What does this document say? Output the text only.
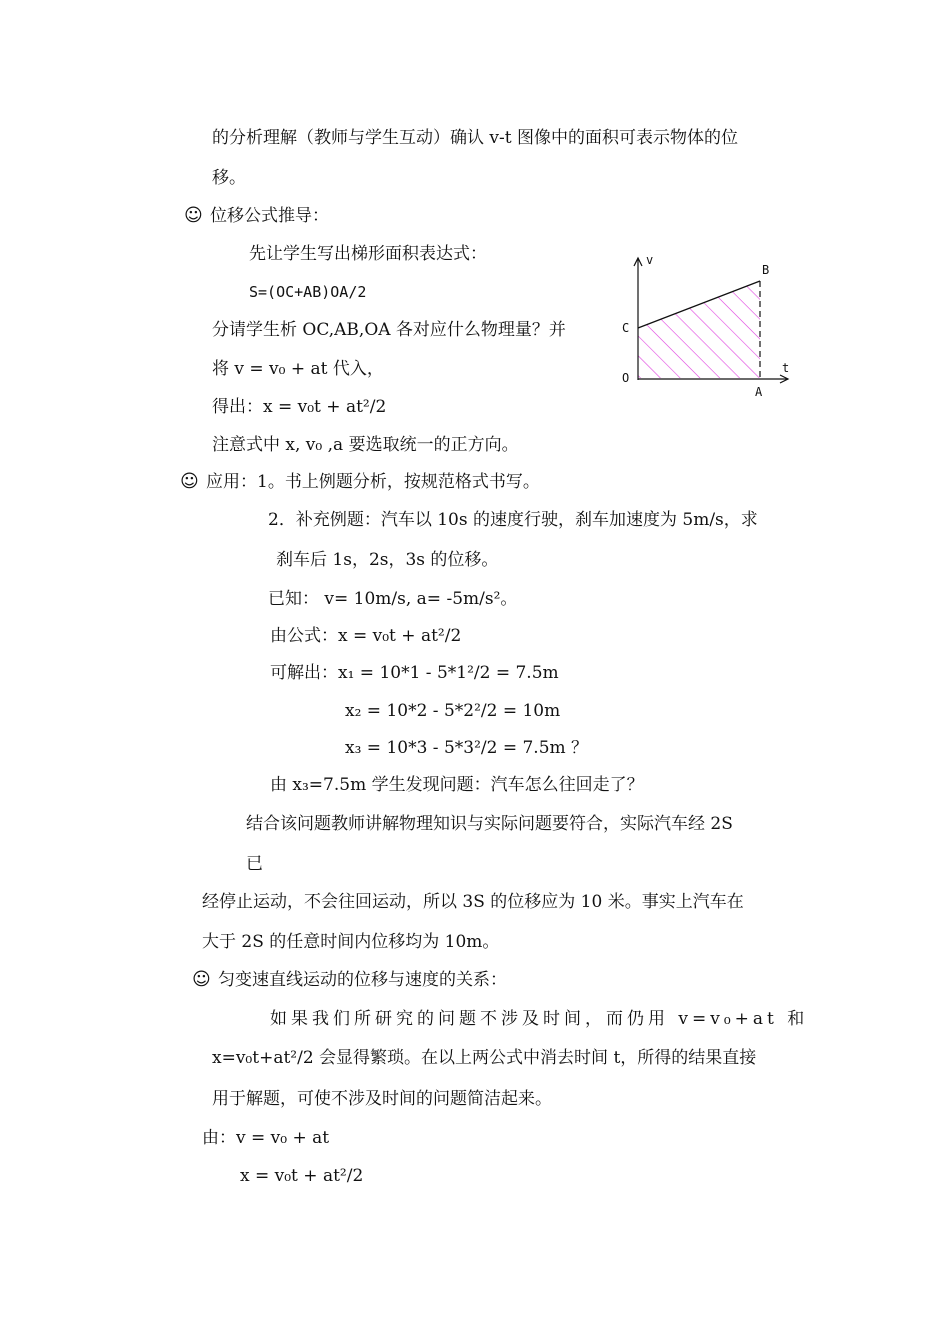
的分析理解（教师与学生互动）确认 v-t 图像中的面积可表示物体的位
移。
☺ 位移公式推导：
先让学生写出梯形面积表达式：
S=(OC+AB)OA/2
分请学生析 OC,AB,OA 各对应什么物理量？并
将 v = v₀ + at 代入，
得出：x = v₀t + at²/2
注意式中 x, v₀ ,a 要选取统一的正方向。
☺ 应用：1。书上例题分析，按规范格式书写。
2．补充例题：汽车以 10s 的速度行驶，刹车加速度为 5m/s，求
刹车后 1s，2s，3s 的位移。
已知： v= 10m/s, a= -5m/s²。
由公式：x = v₀t + at²/2
可解出：x₁ = 10*1 - 5*1²/2 = 7.5m
x₂ = 10*2 - 5*2²/2 = 10m
x₃ = 10*3 - 5*3²/2 = 7.5m ？
由 x₃=7.5m 学生发现问题：汽车怎么往回走了？
结合该问题教师讲解物理知识与实际问题要符合，实际汽车经 2S
已
经停止运动，不会往回运动，所以 3S 的位移应为 10 米。事实上汽车在
大于 2S 的任意时间内位移均为 10m。
☺ 匀变速直线运动的位移与速度的关系：
如果我们所研究的问题不涉及时间，而仍用 v=v₀+at 和
x=v₀t+at²/2 会显得繁琐。在以上两公式中消去时间 t，所得的结果直接
用于解题，可使不涉及时间的问题简洁起来。
由：v = v₀ + at
x = v₀t + at²/2
v
t
B
C
O
A
